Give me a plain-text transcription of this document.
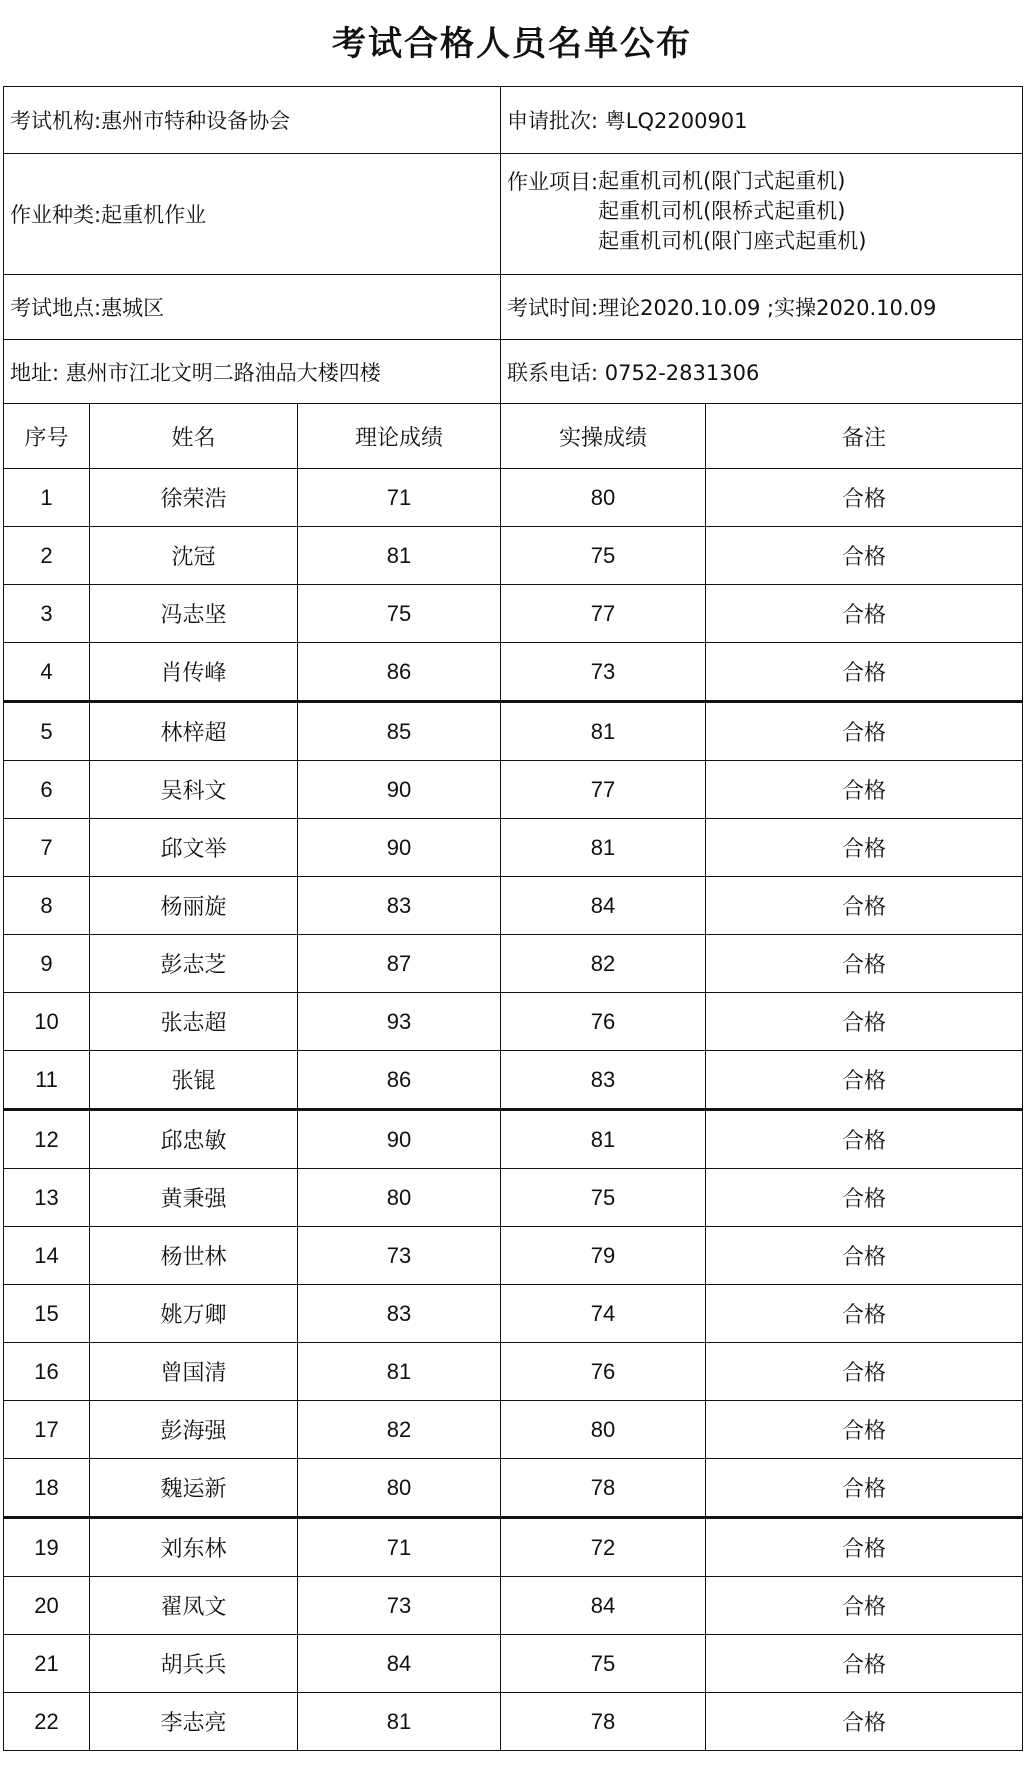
考试合格人员名单公布
考试机构:惠州市特种设备协会			申请批次: 粤LQ2200901	
作业种类:起重机作业			作业项目: 起重机司机(限门式起重机)
起重机司机(限桥式起重机)
起重机司机(限门座式起重机)	

考试地点:惠城区			考试时间:理论2020.10.09 ;实操2020.10.09	
地址: 惠州市江北文明二路油品大楼四楼			联系电话: 0752-2831306	
序号	姓名	理论成绩	实操成绩	备注
1	徐荣浩	71	80	合格
2	沈冠	81	75	合格
3	冯志坚	75	77	合格
4	肖传峰	86	73	合格
5	林梓超	85	81	合格
6	吴科文	90	77	合格
7	邱文举	90	81	合格
8	杨丽旋	83	84	合格
9	彭志芝	87	82	合格
10	张志超	93	76	合格
11	张锟	86	83	合格
12	邱忠敏	90	81	合格
13	黄秉强	80	75	合格
14	杨世林	73	79	合格
15	姚万卿	83	74	合格
16	曾国清	81	76	合格
17	彭海强	82	80	合格
18	魏运新	80	78	合格
19	刘东林	71	72	合格
20	翟凤文	73	84	合格
21	胡兵兵	84	75	合格
22	李志亮	81	78	合格
